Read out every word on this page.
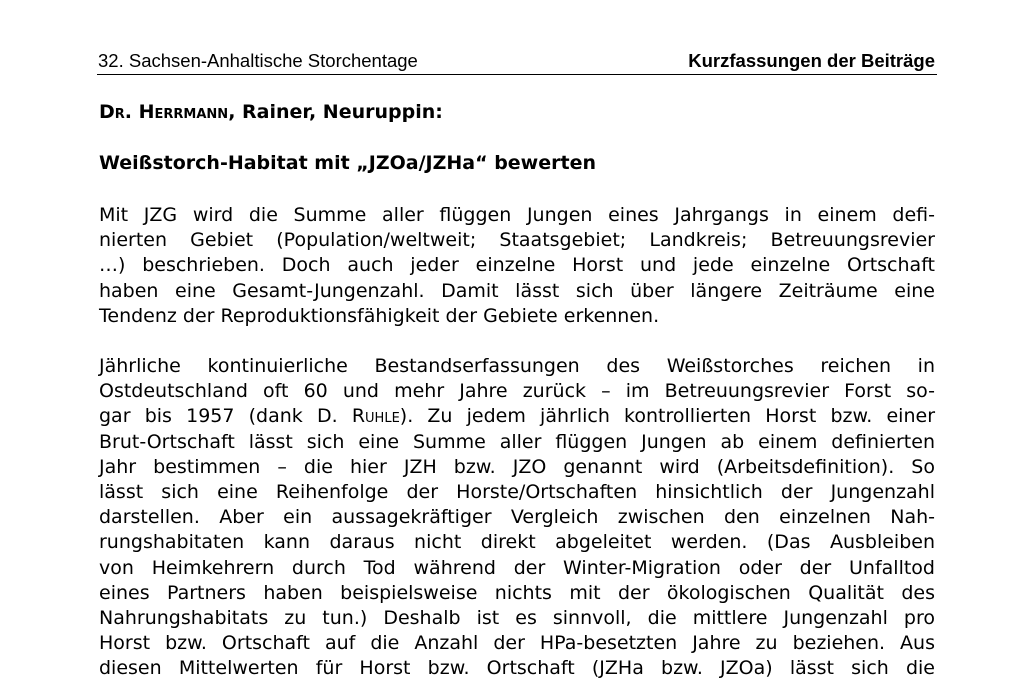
32. Sachsen-Anhaltische Storchentage	Kurzfassungen der Beiträge
Dr. Herrmann, Rainer, Neuruppin:
Weißstorch-Habitat mit „JZOa/JZHa“ bewerten
Mit JZG wird die Summe aller flüggen Jungen eines Jahrgangs in einem defi-
nierten Gebiet (Population/weltweit; Staatsgebiet; Landkreis; Betreuungsrevier
…) beschrieben. Doch auch jeder einzelne Horst und jede einzelne Ortschaft
haben eine Gesamt-Jungenzahl. Damit lässt sich über längere Zeiträume eine
Tendenz der Reproduktionsfähigkeit der Gebiete erkennen.
Jährliche kontinuierliche Bestandserfassungen des Weißstorches reichen in
Ostdeutschland oft 60 und mehr Jahre zurück – im Betreuungsrevier Forst so-
gar bis 1957 (dank D. Ruhle). Zu jedem jährlich kontrollierten Horst bzw. einer
Brut-Ortschaft lässt sich eine Summe aller flüggen Jungen ab einem definierten
Jahr bestimmen – die hier JZH bzw. JZO genannt wird (Arbeitsdefinition). So
lässt sich eine Reihenfolge der Horste/Ortschaften hinsichtlich der Jungenzahl
darstellen. Aber ein aussagekräftiger Vergleich zwischen den einzelnen Nah-
rungshabitaten kann daraus nicht direkt abgeleitet werden. (Das Ausbleiben
von Heimkehrern durch Tod während der Winter-Migration oder der Unfalltod
eines Partners haben beispielsweise nichts mit der ökologischen Qualität des
Nahrungshabitats zu tun.) Deshalb ist es sinnvoll, die mittlere Jungenzahl pro
Horst bzw. Ortschaft auf die Anzahl der HPa-besetzten Jahre zu beziehen. Aus
diesen Mittelwerten für Horst bzw. Ortschaft (JZHa bzw. JZOa) lässt sich die
